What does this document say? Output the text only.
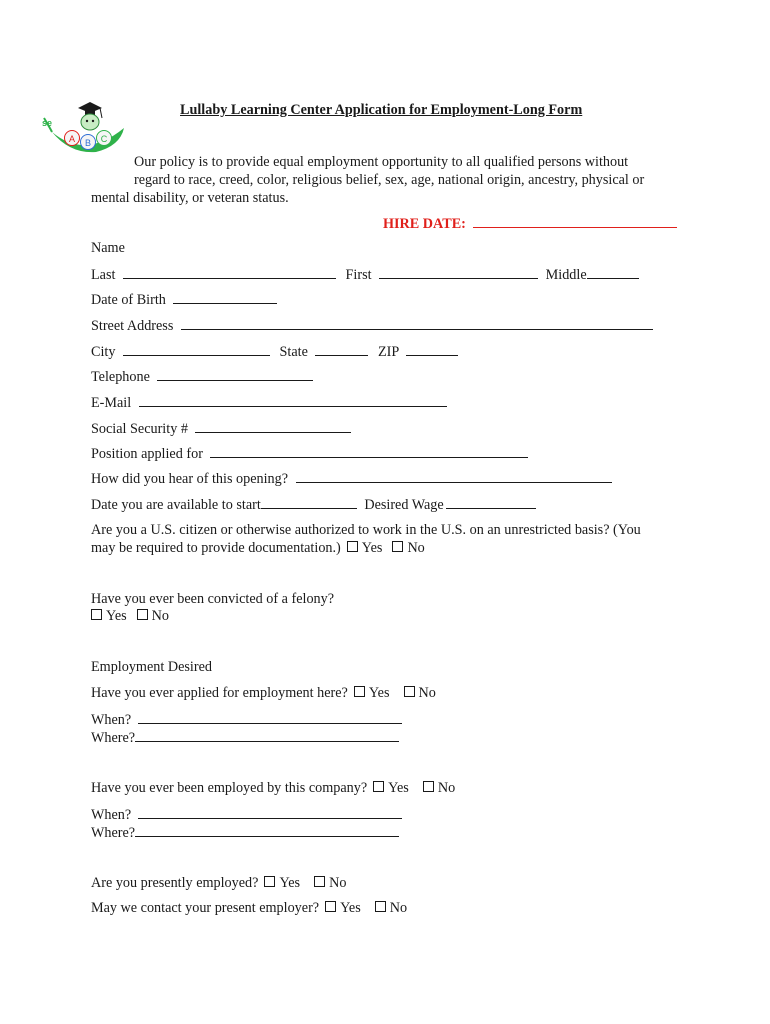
se
A B C
Lullaby Learning Center Application for Employment-Long Form
Our policy is to provide equal employment opportunity to all qualified persons without
regard to race, creed, color, religious belief, sex, age, national origin, ancestry, physical or
mental disability, or veteran status.
HIRE DATE:
Name
Last	First	Middle
Date of Birth
Street Address
City	State	ZIP
Telephone
E-Mail
Social Security #
Position applied for
How did you hear of this opening?
Date you are available to start	Desired Wage
Are you a U.S. citizen or otherwise authorized to work in the U.S. on an unrestricted basis? (You
may be required to provide documentation.) Yes No
Have you ever been convicted of a felony?
Yes No
Employment Desired
Have you ever applied for employment here? Yes No
When?
Where?
Have you ever been employed by this company? Yes No
When?
Where?
Are you presently employed? Yes No
May we contact your present employer? Yes No
